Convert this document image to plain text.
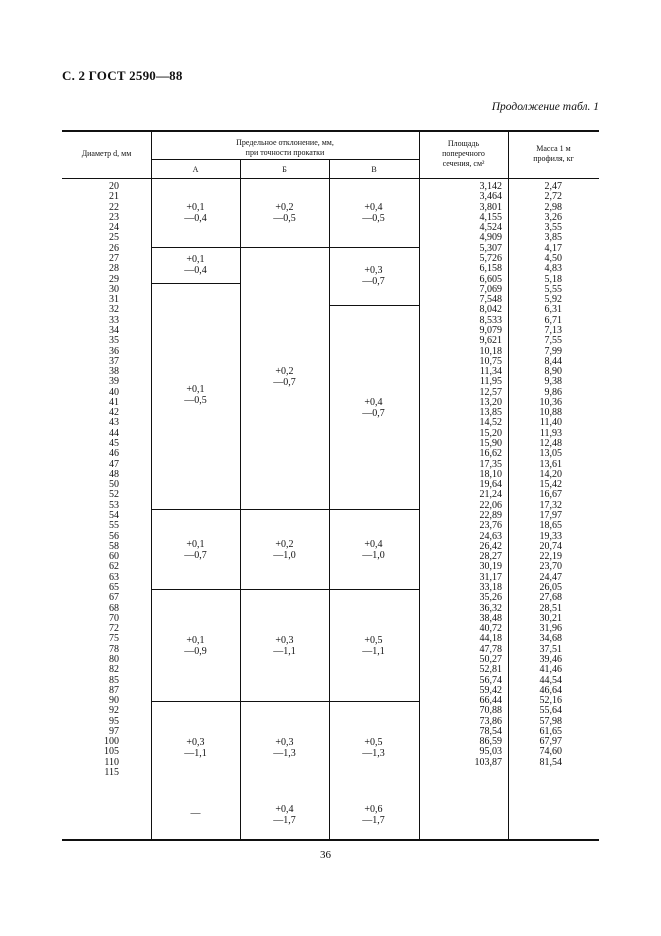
С. 2 ГОСТ 2590—88
Продолжение табл. 1
Диаметр d, мм
Предельное отклонение, мм,
при точности прокатки
А	Б	В
Площадь
поперечного
сечения, см²
Масса 1 м
профиля, кг
20
21
22
23
24
25
26
27
28
29
30
31
32
33
34
35
36
37
38
39
40
41
42
43
44
45
46
47
48
50
52
53
54
55
56
58
60
62
63
65
67
68
70
72
75
78
80
82
85
87
90
92
95
97
100
105
110
115
3,142
3,464
3,801
4,155
4,524
4,909
5,307
5,726
6,158
6,605
7,069
7,548
8,042
8,533
9,079
9,621
10,18
10,75
11,34
11,95
12,57
13,20
13,85
14,52
15,20
15,90
16,62
17,35
18,10
19,64
21,24
22,06
22,89
23,76
24,63
26,42
28,27
30,19
31,17
33,18
35,26
36,32
38,48
40,72
44,18
47,78
50,27
52,81
56,74
59,42
66,44
70,88
73,86
78,54
86,59
95,03
103,87
2,47
2,72
2,98
3,26
3,55
3,85
4,17
4,50
4,83
5,18
5,55
5,92
6,31
6,71
7,13
7,55
7,99
8,44
8,90
9,38
9,86
10,36
10,88
11,40
11,93
12,48
13,05
13,61
14,20
15,42
16,67
17,32
17,97
18,65
19,33
20,74
22,19
23,70
24,47
26,05
27,68
28,51
30,21
31,96
34,68
37,51
39,46
41,46
44,54
46,64
52,16
55,64
57,98
61,65
67,97
74,60
81,54
+0,1
—0,4
+0,1
—0,4
+0,1
—0,5
+0,1
—0,7
+0,1
—0,9
+0,3
—1,1
—
+0,2
—0,5
+0,2
—0,7
+0,2
—1,0
+0,3
—1,1
+0,3
—1,3
+0,4
—1,7
+0,4
—0,5
+0,3
—0,7
+0,4
—0,7
+0,4
—1,0
+0,5
—1,1
+0,5
—1,3
+0,6
—1,7
36
